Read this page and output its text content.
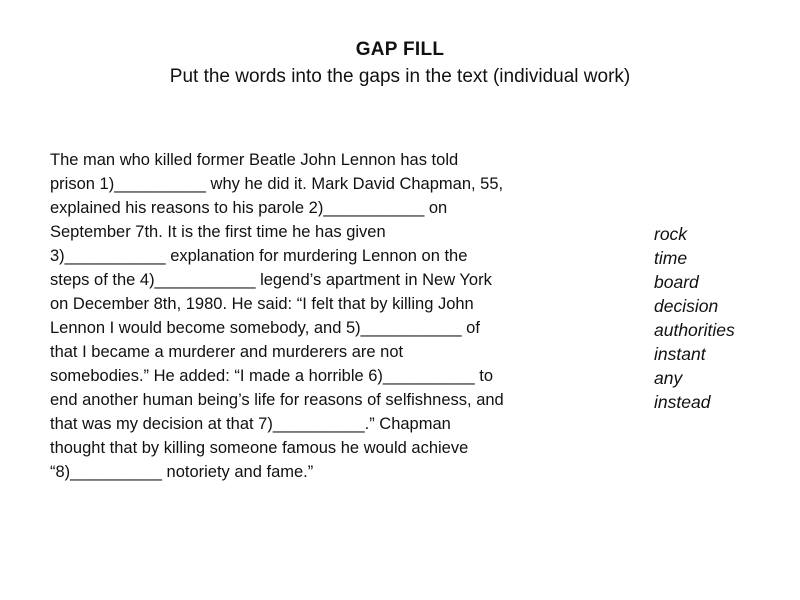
GAP FILL
Put the words into the gaps in the text (individual work)
The man who killed former Beatle John Lennon has told
prison 1)__________ why he did it. Mark David Chapman, 55,
explained his reasons to his parole 2)___________ on
September 7th. It is the first time he has given
3)___________ explanation for murdering Lennon on the
steps of the 4)___________ legend’s apartment in New York
on December 8th, 1980. He said: “I felt that by killing John
Lennon I would become somebody, and 5)___________ of
that I became a murderer and murderers are not
somebodies.” He added: “I made a horrible 6)__________ to
end another human being’s life for reasons of selfishness, and
that was my decision at that 7)__________.” Chapman
thought that by killing someone famous he would achieve
“8)__________ notoriety and fame.”
rock
time
board
decision
authorities
instant
any
instead
